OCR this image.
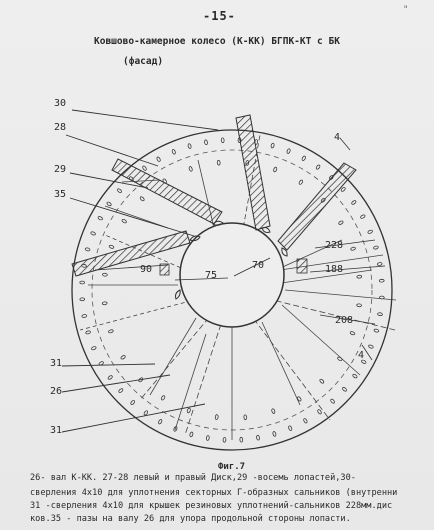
-15-	"
Ковшово-камерное колесо (К-КК) БГПК-КТ с БК
(фасад)
30
28
29
35
31
26
31
4
228
188
90
75
70
208
4
Фиг.7
26- вал К-КК. 27-28 левый и правый Диск,29 -восемь лопастей,30-
сверления 4x10 для уплотнения секторных Г-образных сальников (внутренни
31 -сверления 4x10 для крышек резиновых уплотнений-сальников 228мм.дис
ков.35 - пазы на валу 26 для упора продольной стороны лопасти.
